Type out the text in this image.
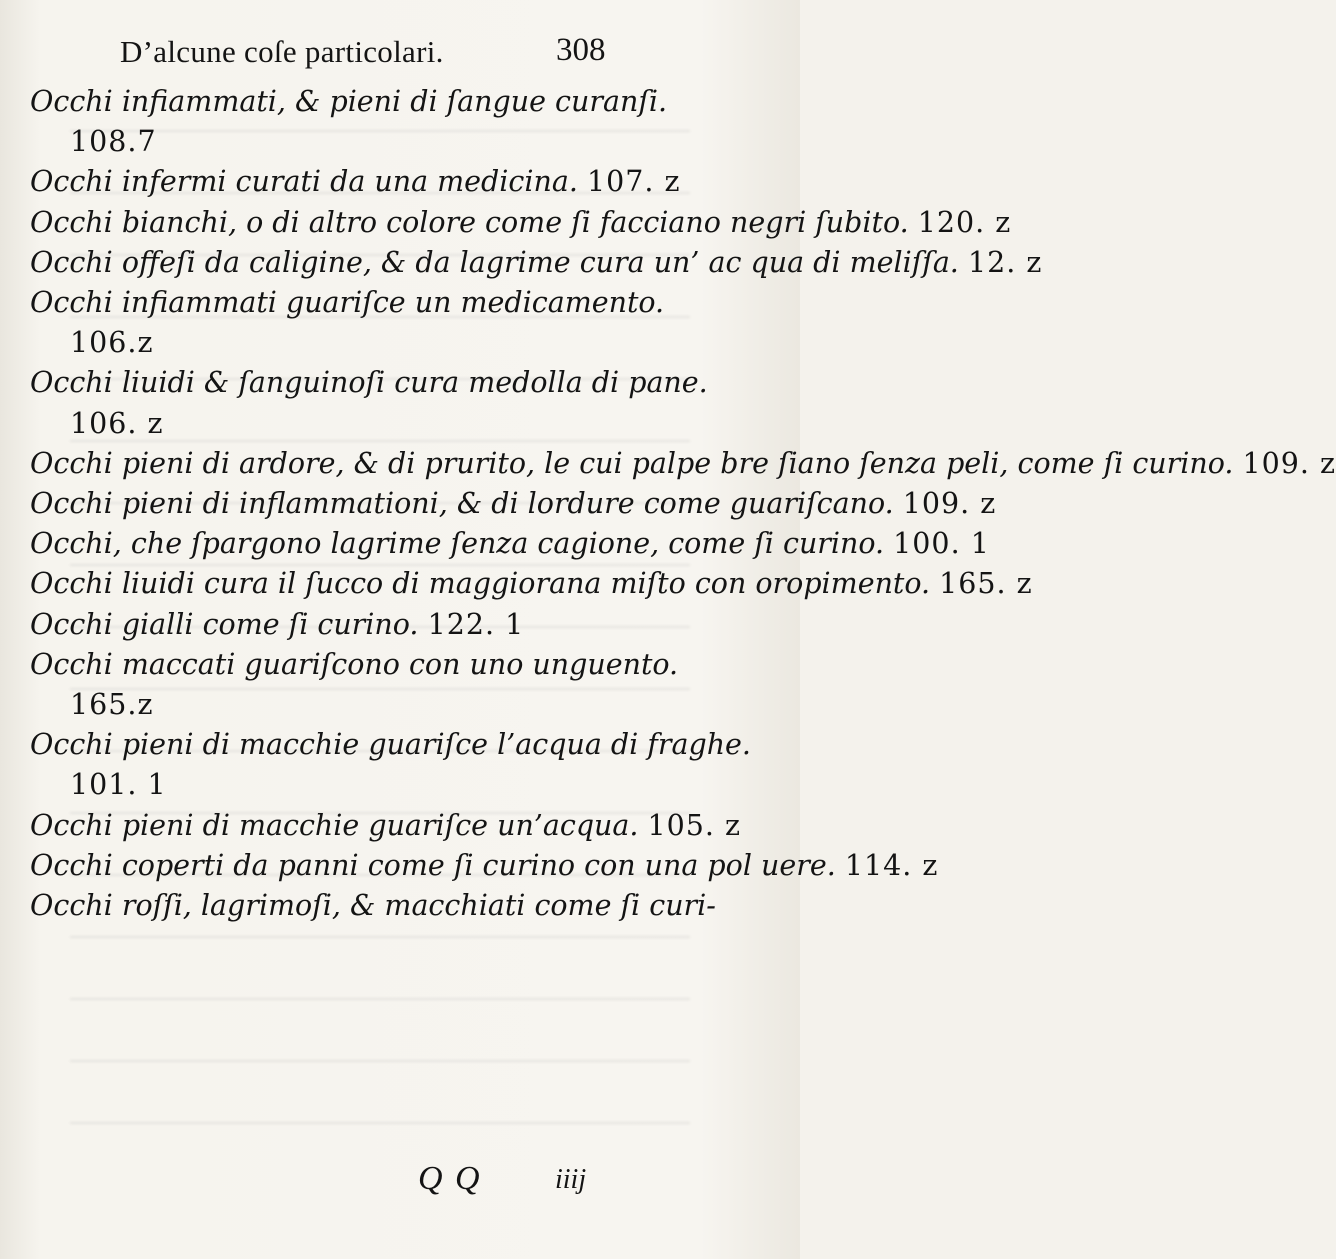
D’alcune coſe particolari.	308
Occhi infiammati, & pieni di ſangue curanſi.
108.7
Occhi infermi curati da una medicina. 107. z
Occhi bianchi, o di altro colore come ſi facciano negri ſubito. 120. z
Occhi offeſi da caligine, & da lagrime cura un’ ac qua di meliſſa. 12. z
Occhi infiammati guariſce un medicamento.
106.z
Occhi liuidi & ſanguinoſi cura medolla di pane.
106. z
Occhi pieni di ardore, & di prurito, le cui palpe bre ſiano ſenza peli, come ſi curino. 109. z
Occhi pieni di inflammationi, & di lordure come guariſcano. 109. z
Occhi, che ſpargono lagrime ſenza cagione, come ſi curino. 100. 1
Occhi liuidi cura il ſucco di maggiorana miſto con oropimento. 165. z
Occhi gialli come ſi curino. 122. 1
Occhi maccati guariſcono con uno unguento.
165.z
Occhi pieni di macchie guariſce l’acqua di fraghe.
101. 1
Occhi pieni di macchie guariſce un’acqua. 105. z
Occhi coperti da panni come ſi curino con una pol uere. 114. z
Occhi roſſi, lagrimoſi, & macchiati come ſi curi-
Q Q	iiij
